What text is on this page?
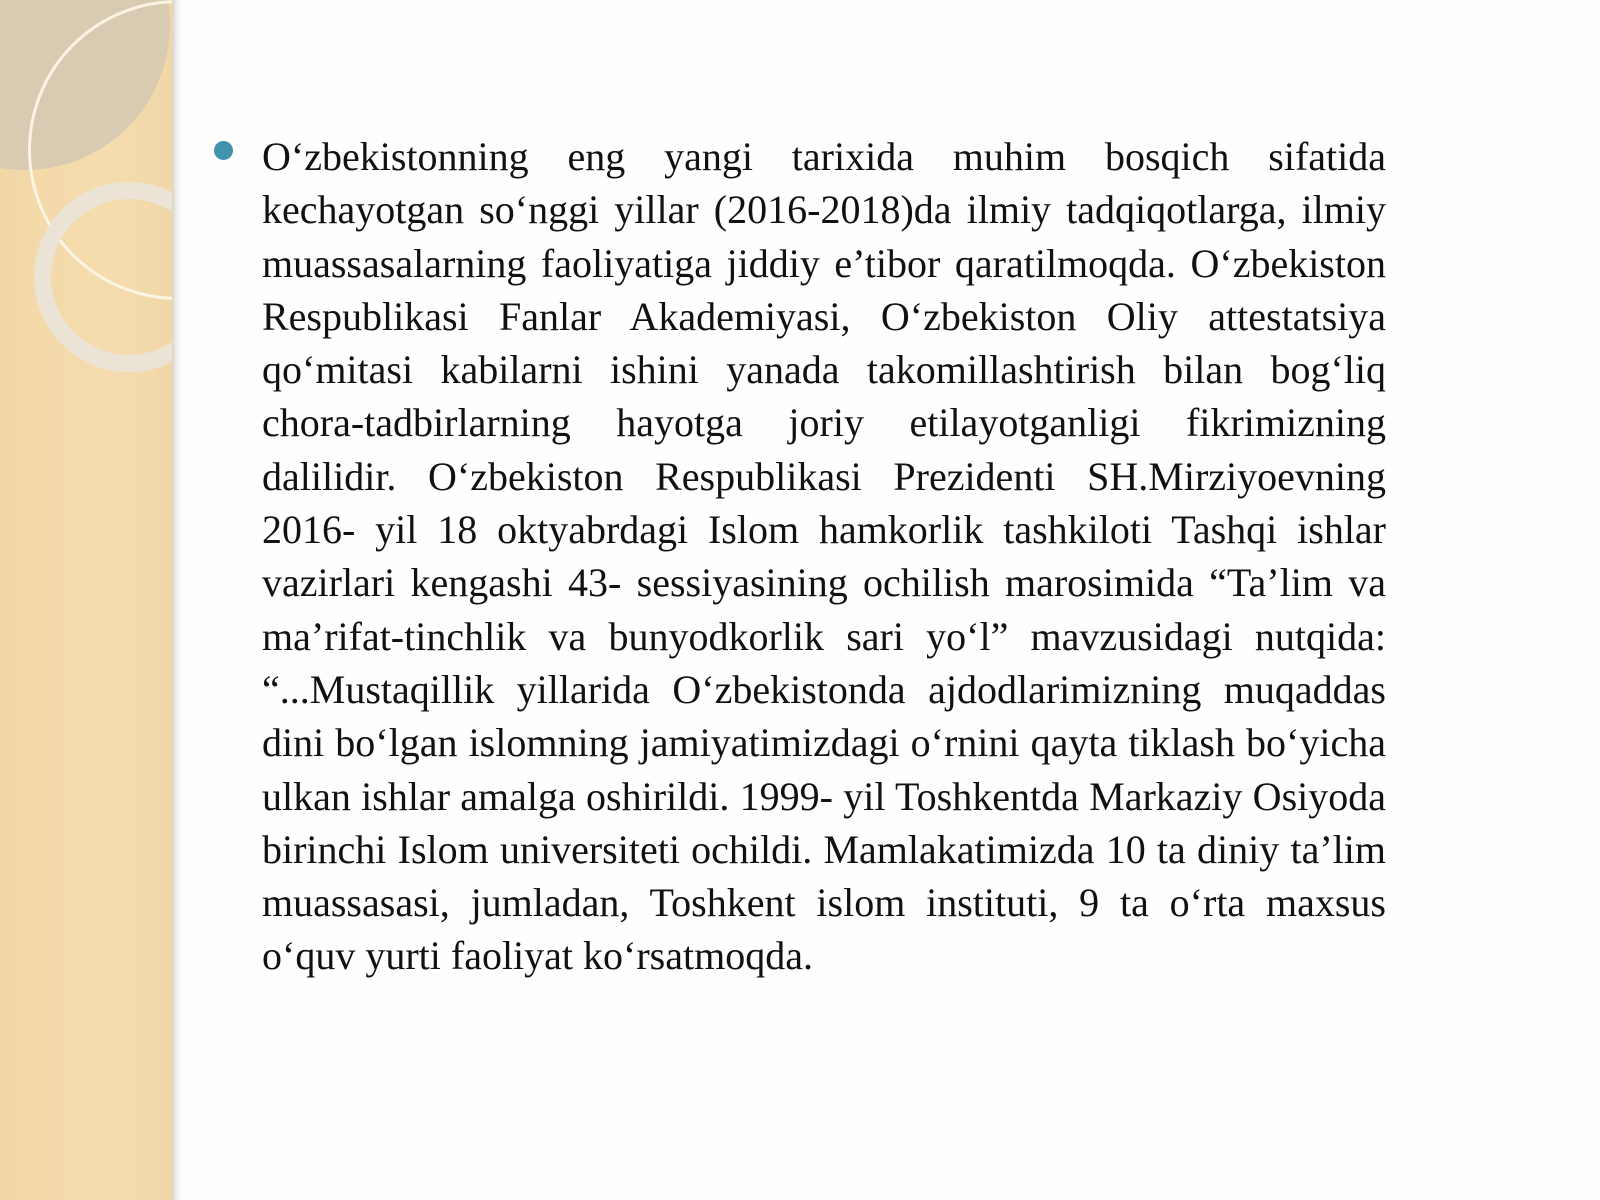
O‘zbekistonning eng yangi tarixida muhim bosqich sifatida kechayotgan so‘nggi yillar (2016-2018)da ilmiy tadqiqotlarga, ilmiy muassasalarning faoliyatiga jiddiy e’tibor qaratilmoqda. O‘zbekiston Respublikasi Fanlar Akademiyasi, O‘zbekiston Oliy attestatsiya qo‘mitasi kabilarni ishini yanada takomillashtirish bilan bog‘liq chora-tadbirlarning hayotga joriy etilayotganligi fikrimizning dalilidir. O‘zbekiston Respublikasi Prezidenti SH.Mirziyoevning 2016- yil 18 oktyabrdagi Islom hamkorlik tashkiloti Tashqi ishlar vazirlari kengashi 43- sessiyasining ochilish marosimida “Ta’lim va ma’rifat-tinchlik va bunyodkorlik sari yo‘l” mavzusidagi nutqida: “...Mustaqillik yillarida O‘zbekistonda ajdodlarimizning muqaddas dini bo‘lgan islomning jamiyatimizdagi o‘rnini qayta tiklash bo‘yicha ulkan ishlar amalga oshirildi. 1999- yil Toshkentda Markaziy Osiyoda birinchi Islom universiteti ochildi. Mamlakatimizda 10 ta diniy ta’lim muassasasi, jumladan, Toshkent islom instituti, 9 ta o‘rta maxsus o‘quv yurti faoliyat ko‘rsatmoqda.
